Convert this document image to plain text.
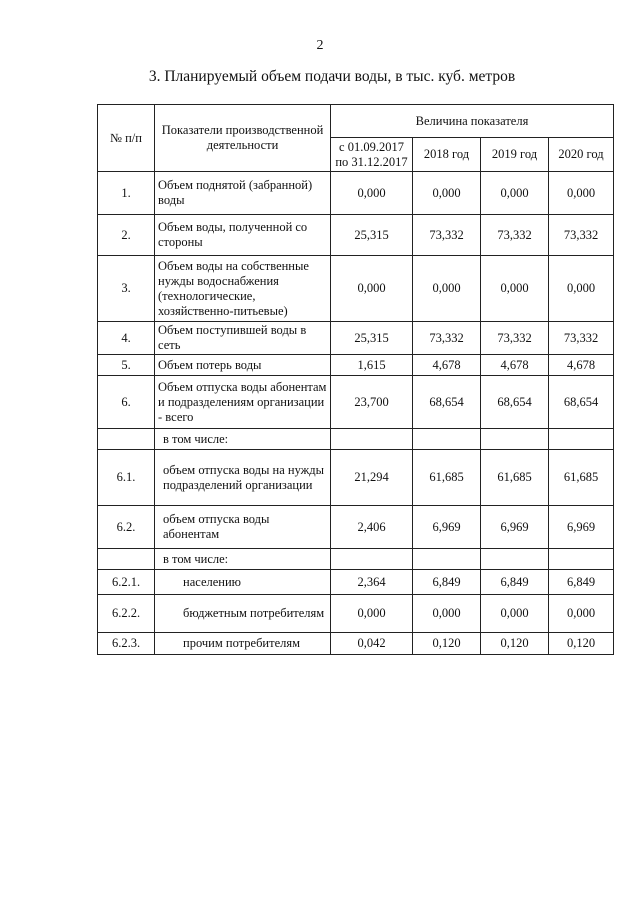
2
3. Планируемый объем подачи воды, в тыс. куб. метров
№ п/п	Показатели производственной деятельности	Величина показателя			
		с 01.09.2017 по 31.12.2017	2018 год	2019 год	2020 год
1.	Объем поднятой (забранной) воды	0,000	0,000	0,000	0,000
2.	Объем воды, полученной со стороны	25,315	73,332	73,332	73,332
3.	Объем воды на собственные нужды водоснабжения (технологические, хозяйственно-питьевые)	0,000	0,000	0,000	0,000
4.	Объем поступившей воды в сеть	25,315	73,332	73,332	73,332
5.	Объем потерь воды	1,615	4,678	4,678	4,678
6.	Объем отпуска воды абонентам и подразделениям организации - всего	23,700	68,654	68,654	68,654
	в том числе:				
6.1.	объем отпуска воды на нужды подразделений организации	21,294	61,685	61,685	61,685
6.2.	объем отпуска воды абонентам	2,406	6,969	6,969	6,969
	в том числе:				
6.2.1.	населению	2,364	6,849	6,849	6,849
6.2.2.	бюджетным потребителям	0,000	0,000	0,000	0,000
6.2.3.	прочим потребителям	0,042	0,120	0,120	0,120
